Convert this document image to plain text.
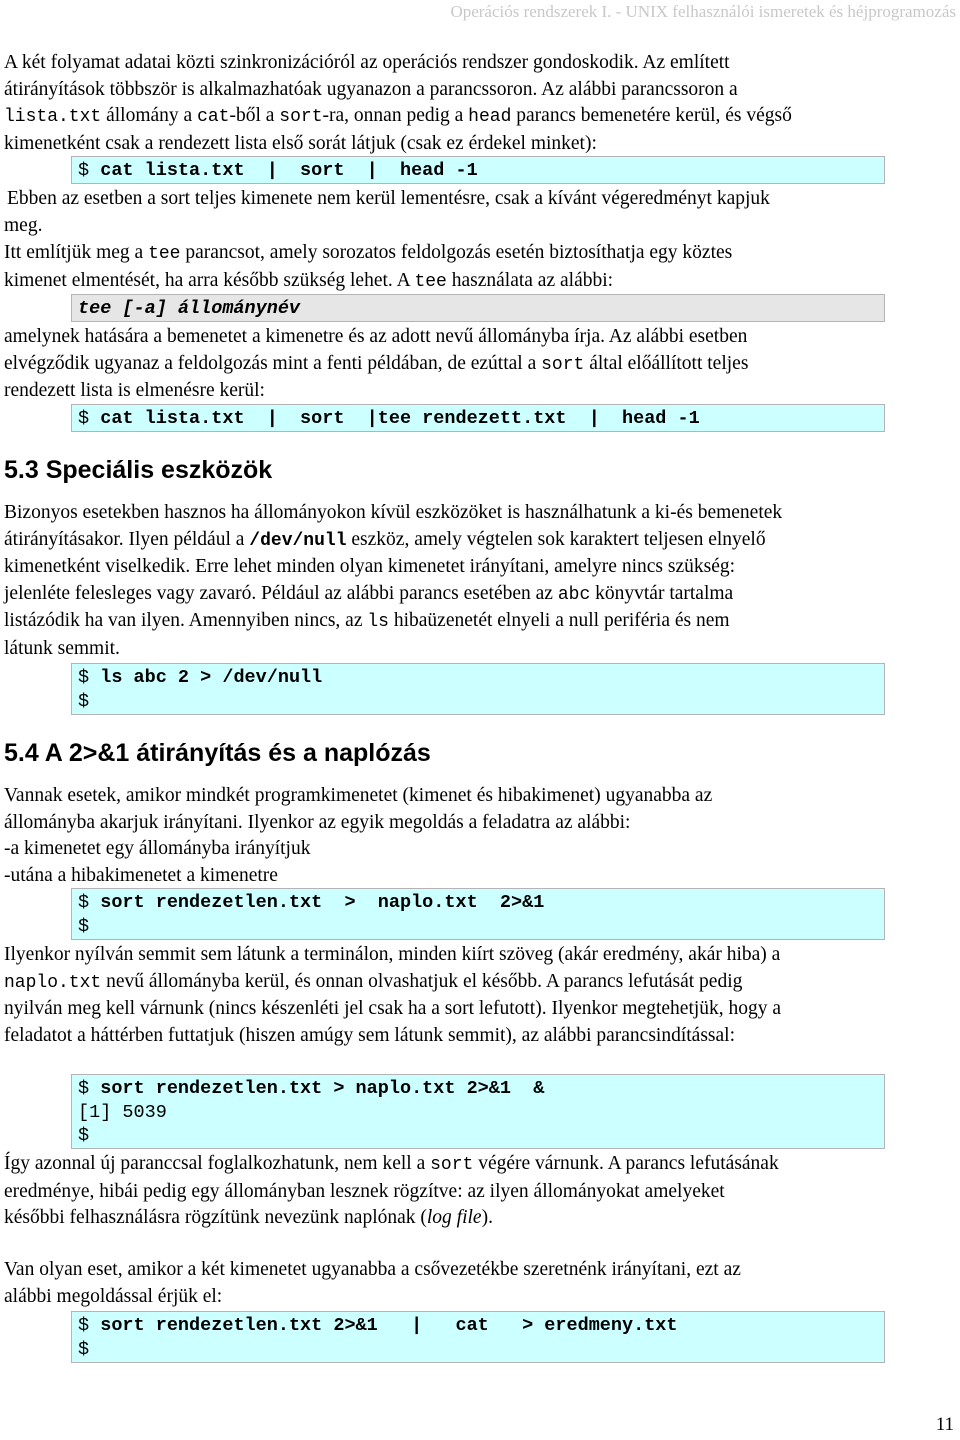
Operációs rendszerek I. - UNIX felhasználói ismeretek és héjprogramozás
A két folyamat adatai közti szinkronizációról az operációs rendszer gondoskodik. Az említett
átirányítások többször is alkalmazhatóak ugyanazon a parancssoron. Az alábbi parancssoron a
lista.txt állomány a cat-ből a sort-ra, onnan pedig a head parancs bemenetére kerül, és végső
kimenetként csak a rendezett lista első sorát látjuk (csak ez érdekel minket):
$ cat lista.txt  |  sort  |  head -1
Ebben az esetben a sort teljes kimenete nem kerül lementésre, csak a kívánt végeredményt kapjuk
meg.
Itt említjük meg a tee parancsot, amely sorozatos feldolgozás esetén biztosíthatja egy köztes
kimenet elmentését, ha arra később szükség lehet. A tee használata az alábbi:
tee [-a] állománynév
amelynek hatására a bemenetet a kimenetre és az adott nevű állományba írja. Az alábbi esetben
elvégződik ugyanaz a feldolgozás mint a fenti példában, de ezúttal a sort által előállított teljes
rendezett lista is elmenésre kerül:
$ cat lista.txt  |  sort  |tee rendezett.txt  |  head -1
5.3 Speciális eszközök
Bizonyos esetekben hasznos ha állományokon kívül eszközöket is használhatunk a ki-és bemenetek
átirányításakor. Ilyen például a /dev/null eszköz, amely végtelen sok karaktert teljesen elnyelő
kimenetként viselkedik. Erre lehet minden olyan kimenetet irányítani, amelyre nincs szükség:
jelenléte felesleges vagy zavaró. Például az alábbi parancs esetében az abc könyvtár tartalma
listázódik ha van ilyen. Amennyiben nincs, az ls hibaüzenetét elnyeli a null periféria és nem
látunk semmit.
$ ls abc 2 > /dev/null
$
5.4 A 2>&1 átirányítás és a naplózás
Vannak esetek, amikor mindkét programkimenetet (kimenet és hibakimenet) ugyanabba az
állományba akarjuk irányítani. Ilyenkor az egyik megoldás a feladatra az alábbi:
-a kimenetet egy állományba irányítjuk
-utána a hibakimenetet a kimenetre
$ sort rendezetlen.txt  >  naplo.txt  2>&1
$
Ilyenkor nyílván semmit sem látunk a terminálon, minden kiírt szöveg (akár eredmény, akár hiba) a
naplo.txt nevű állományba kerül, és onnan olvashatjuk el később. A parancs lefutását pedig
nyilván meg kell várnunk (nincs készenléti jel csak ha a sort lefutott). Ilyenkor megtehetjük, hogy a
feladatot a háttérben futtatjuk (hiszen amúgy sem látunk semmit), az alábbi parancsindítással:
$ sort rendezetlen.txt > naplo.txt 2>&1  &
[1] 5039
$
Így azonnal új paranccsal foglalkozhatunk, nem kell a sort végére várnunk. A parancs lefutásának
eredménye, hibái pedig egy állományban lesznek rögzítve: az ilyen állományokat amelyeket
későbbi felhasználásra rögzítünk nevezünk naplónak (log file).
Van olyan eset, amikor a két kimenetet ugyanabba a csővezetékbe szeretnénk irányítani, ezt az
alábbi megoldással érjük el:
$ sort rendezetlen.txt 2>&1   |   cat   > eredmeny.txt
$
11
